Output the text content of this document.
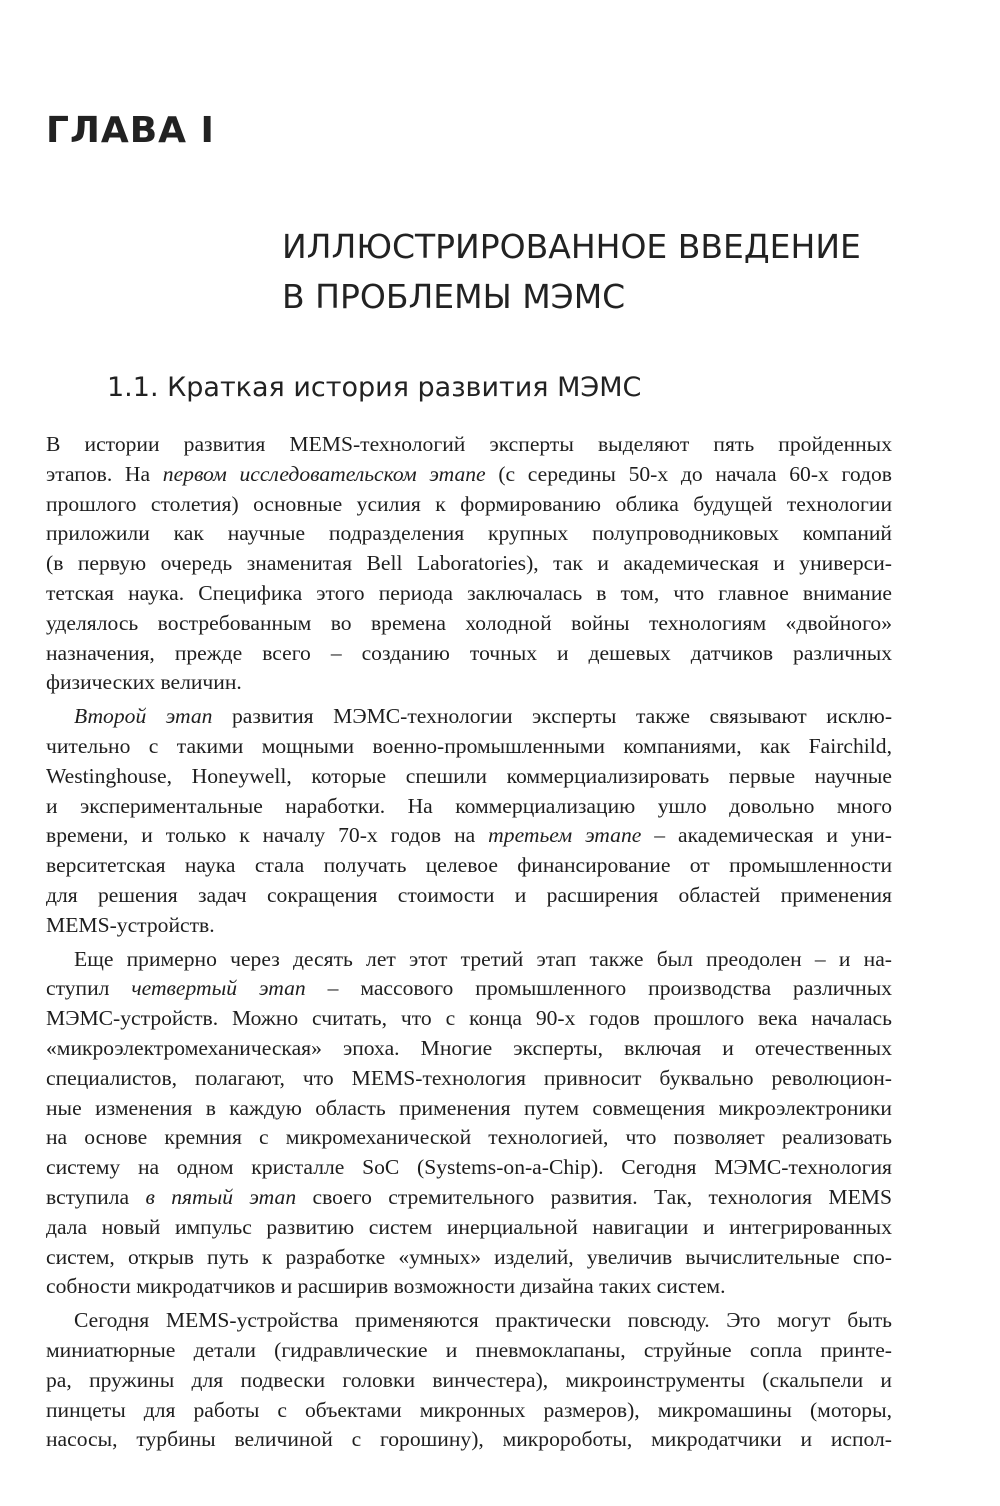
ГЛАВА I
ИЛЛЮСТРИРОВАННОЕ ВВЕДЕНИЕ
В ПРОБЛЕМЫ МЭМС
1.1. Краткая история развития МЭМС

В истории развития MEMS-технологий эксперты выделяют пять пройденных
этапов. На первом исследовательском этапе (с середины 50-х до начала 60-х годов
прошлого столетия) основные усилия к формированию облика будущей технологии
приложили как научные подразделения крупных полупроводниковых компаний
(в первую очередь знаменитая Bell Laboratories), так и академическая и универси-
тетская наука. Специфика этого периода заключалась в том, что главное внимание
уделялось востребованным во времена холодной войны технологиям «двойного»
назначения, прежде всего – созданию точных и дешевых датчиков различных
физических величин.

Второй этап развития МЭМС-технологии эксперты также связывают исклю-
чительно с такими мощными военно-промышленными компаниями, как Fairchild,
Westinghouse, Honeywell, которые спешили коммерциализировать первые научные
и экспериментальные наработки. На коммерциализацию ушло довольно много
времени, и только к началу 70-х годов на третьем этапе – академическая и уни-
верситетская наука стала получать целевое финансирование от промышленности
для решения задач сокращения стоимости и расширения областей применения
MEMS-устройств.

Еще примерно через десять лет этот третий этап также был преодолен – и на-
ступил четвертый этап – массового промышленного производства различных
МЭМС-устройств. Можно считать, что с конца 90-х годов прошлого века началась
«микроэлектромеханическая» эпоха. Многие эксперты, включая и отечественных
специалистов, полагают, что MEMS-технология привносит буквально революцион-
ные изменения в каждую область применения путем совмещения микроэлектроники
на основе кремния с микромеханической технологией, что позволяет реализовать
систему на одном кристалле SoC (Systems-on-a-Chip). Сегодня МЭМС-технология
вступила в пятый этап своего стремительного развития. Так, технология MEMS
дала новый импульс развитию систем инерциальной навигации и интегрированных
систем, открыв путь к разработке «умных» изделий, увеличив вычислительные спо-
собности микродатчиков и расширив возможности дизайна таких систем.

Сегодня MEMS-устройства применяются практически повсюду. Это могут быть
миниатюрные детали (гидравлические и пневмоклапаны, струйные сопла принте-
ра, пружины для подвески головки винчестера), микроинструменты (скальпели и
пинцеты для работы с объектами микронных размеров), микромашины (моторы,
насосы, турбины величиной с горошину), микророботы, микродатчики и испол-
